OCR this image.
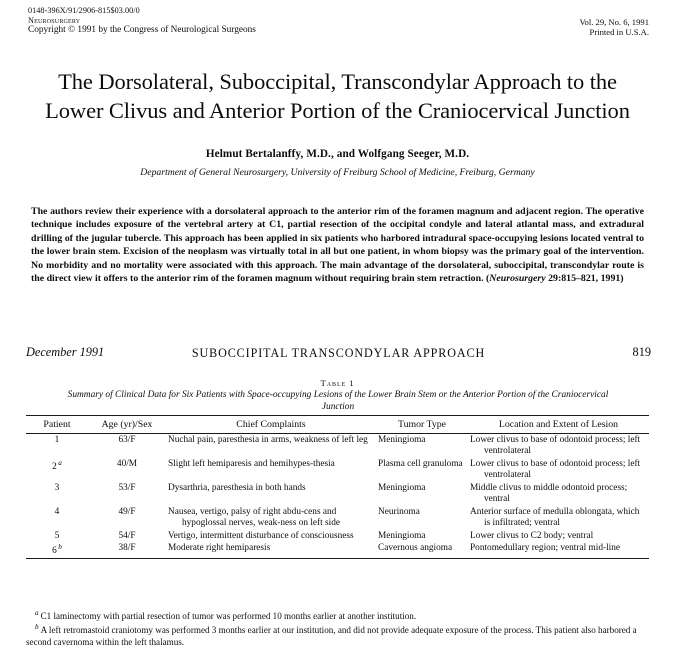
0148-396X/91/2906-815$03.00/0
Neurosurgery
Copyright © 1991 by the Congress of Neurological Surgeons
Vol. 29, No. 6, 1991
Printed in U.S.A.
The Dorsolateral, Suboccipital, Transcondylar Approach to the Lower Clivus and Anterior Portion of the Craniocervical Junction
Helmut Bertalanffy, M.D., and Wolfgang Seeger, M.D.
Department of General Neurosurgery, University of Freiburg School of Medicine, Freiburg, Germany
The authors review their experience with a dorsolateral approach to the anterior rim of the foramen magnum and adjacent region. The operative technique includes exposure of the vertebral artery at C1, partial resection of the occipital condyle and lateral atlantal mass, and extradural drilling of the jugular tubercle. This approach has been applied in six patients who harbored intradural space-occupying lesions located ventral to the lower brain stem. Excision of the neoplasm was virtually total in all but one patient, in whom biopsy was the primary goal of the intervention. No morbidity and no mortality were associated with this approach. The main advantage of the dorsolateral, suboccipital, transcondylar route is the direct view it offers to the anterior rim of the foramen magnum without requiring brain stem retraction. (Neurosurgery 29:815–821, 1991)
December 1991	SUBOCCIPITAL TRANSCONDYLAR APPROACH	819
Table 1
Summary of Clinical Data for Six Patients with Space-occupying Lesions of the Lower Brain Stem or the Anterior Portion of the Craniocervical Junction
Patient	Age (yr)/Sex	Chief Complaints	Tumor Type	Location and Extent of Lesion
1	63/F	Nuchal pain, paresthesia in arms, weakness of left leg	Meningioma	Lower clivus to base of odontoid process; left ventrolateral

2 $^a$	40/M	Slight left hemiparesis and hemihypes-thesia	Plasma cell granuloma	Lower clivus to base of odontoid process; left ventrolateral

3	53/F	Dysarthria, paresthesia in both hands	Meningioma	Middle clivus to middle odontoid process; ventral

4	49/F	Nausea, vertigo, palsy of right abdu-cens and hypoglossal nerves, weak-ness on left side	Neurinoma	Anterior surface of medulla oblongata, which is infiltrated; ventral

5	54/F	Vertigo, intermittent disturbance of consciousness	Meningioma	Lower clivus to C2 body; ventral

6 $^b$	38/F	Moderate right hemiparesis	Cavernous angioma	Pontomedullary region; ventral mid-line
$^a$ C1 laminectomy with partial resection of tumor was performed 10 months earlier at another institution.
$^b$ A left retromastoid craniotomy was performed 3 months earlier at our institution, and did not provide adequate exposure of the process. This patient also harbored a second cavernoma within the left thalamus.
